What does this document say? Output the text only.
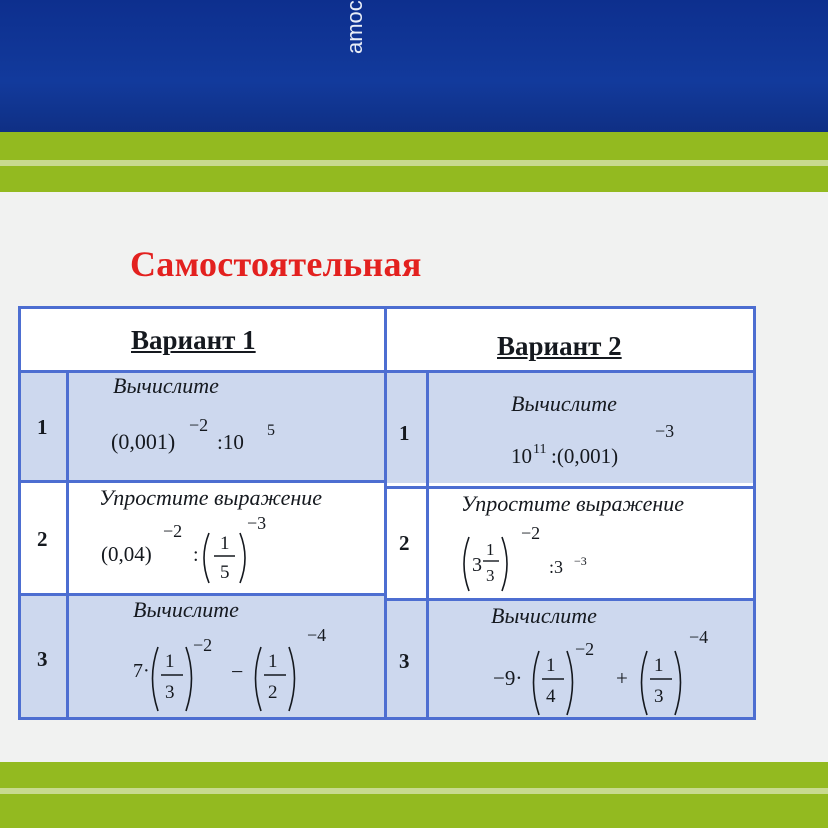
amoc
Самостоятельная
Вариант 1	Вариант 2
1
2
3
1
2
3
Вычислите
Упростите выражение
Вычислите
Вычислите
Упростите выражение
Вычислите
(0,001)
−2
:10 5
(0,04)
−2
:
1
5
−3
7· 1
3
−2
− 1
2
−4
10 11 :(0,001)
−3
3
1
3
−2
:3 −3
−9·
1
4
−2
+
1
3
−4
